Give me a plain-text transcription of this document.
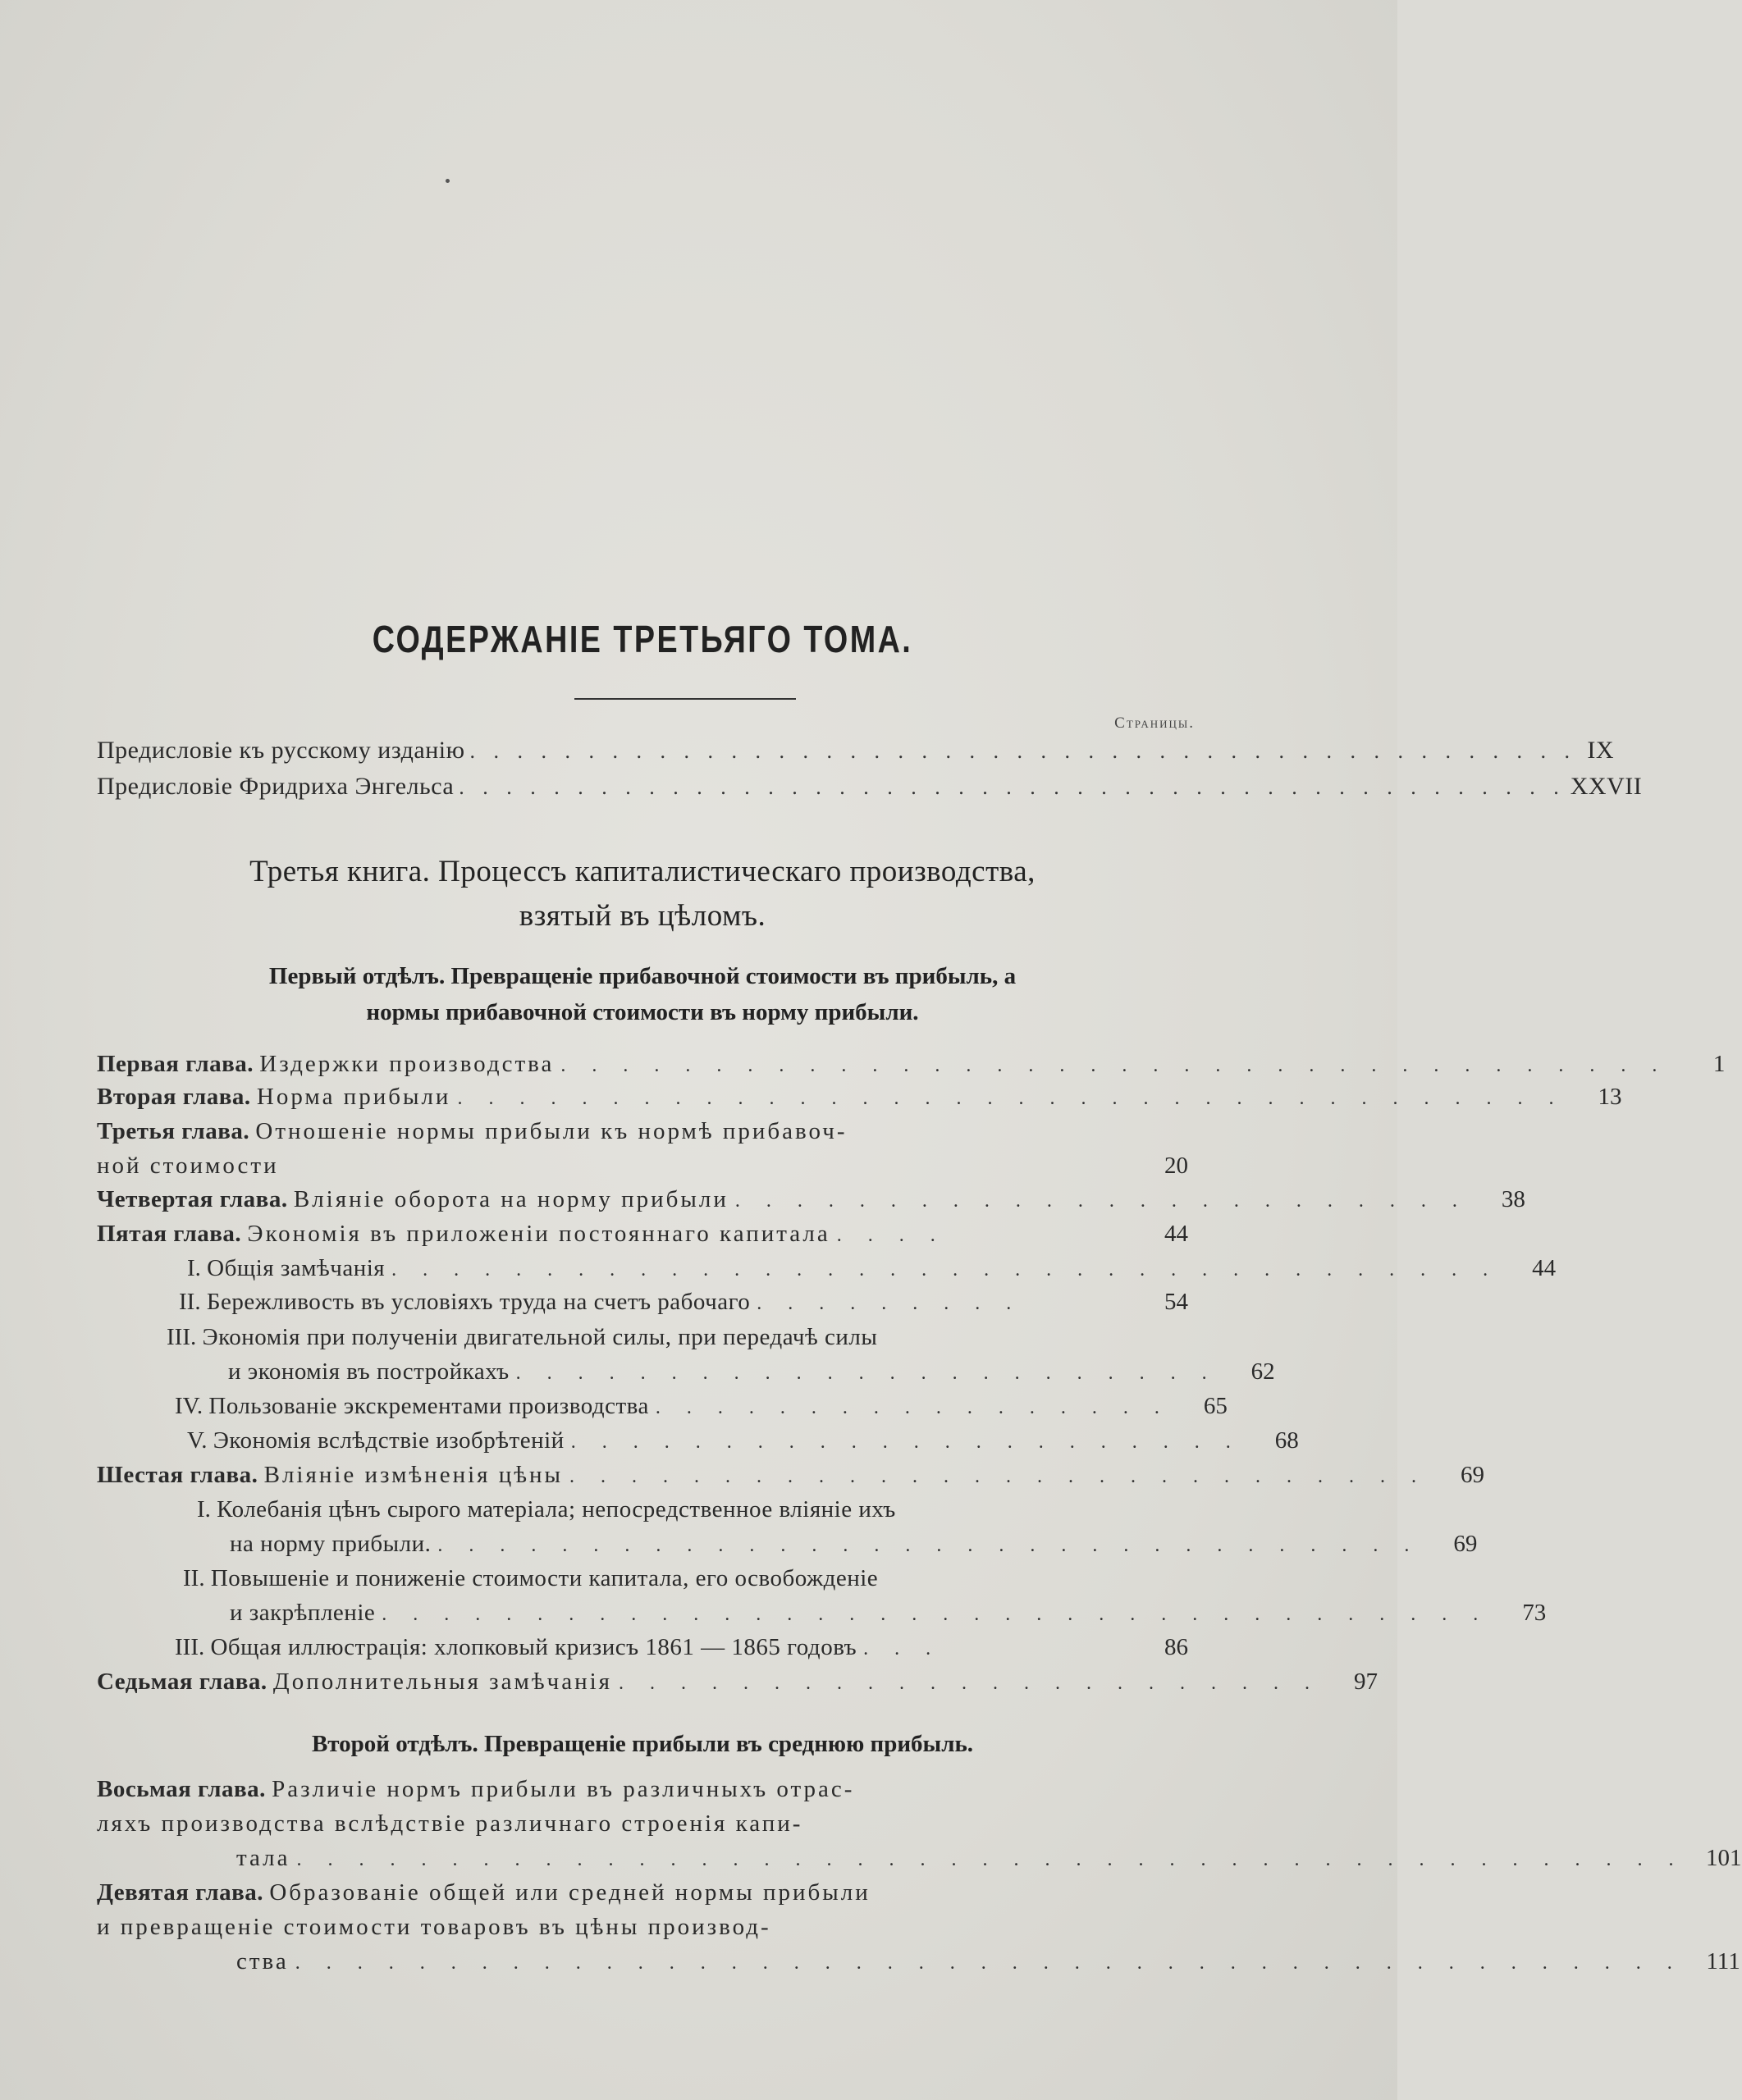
СОДЕРЖАНІЕ ТРЕТЬЯГО ТОМА.
Страницы.
Предисловіе къ русскому изданію . . . . . . . . . . . . . . . . . . . . . . . . . . . . . . . . . . . . . . . . . . . . . . . IX
Предисловіе Фридриха Энгельса . . . . . . . . . . . . . . . . . . . . . . . . . . . . . . . . . . . . . . . . . . . . . . . XXVII
Третья книга. Процессъ капиталистическаго производства,
взятый въ цѣломъ.
Первый отдѣлъ. Превращеніе прибавочной стоимости въ прибыль, а
нормы прибавочной стоимости въ норму прибыли.
Первая глава. Издержки производства . . . . . . . . . . . . . . . . . . . . . . . . . . . . . . . . . . . .	1
Вторая глава. Норма прибыли . . . . . . . . . . . . . . . . . . . . . . . . . . . . . . . . . . . .	13
Третья глава. Отношеніе нормы прибыли къ нормѣ прибавоч-
ной стоимости	20
Четвертая глава. Вліяніе оборота на норму прибыли . . . . . . . . . . . . . . . . . . . . . . . .	38
Пятая глава. Экономія въ приложеніи постояннаго капитала . . . .	44
I. Общія замѣчанія . . . . . . . . . . . . . . . . . . . . . . . . . . . . . . . . . . . .	44
II. Бережливость въ условіяхъ труда на счетъ рабочаго . . . . . . . . .	54
III. Экономія при полученіи двигательной силы, при передачѣ силы
и экономія въ постройкахъ . . . . . . . . . . . . . . . . . . . . . . .	62
IV. Пользованіе экскрементами производства . . . . . . . . . . . . . . . . .	65
V. Экономія вслѣдствіе изобрѣтеній . . . . . . . . . . . . . . . . . . . . . .	68
Шестая глава. Вліяніе измѣненія цѣны . . . . . . . . . . . . . . . . . . . . . . . . . . . .	69
I. Колебанія цѣнъ сырого матеріала; непосредственное вліяніе ихъ
на норму прибыли. . . . . . . . . . . . . . . . . . . . . . . . . . . . . . . . .	69
II. Повышеніе и пониженіе стоимости капитала, его освобожденіе
и закрѣпленіе . . . . . . . . . . . . . . . . . . . . . . . . . . . . . . . . . . . .	73
III. Общая иллюстрація: хлопковый кризисъ 1861 — 1865 годовъ . . .	86
Седьмая глава. Дополнительныя замѣчанія . . . . . . . . . . . . . . . . . . . . . . .	97
Второй отдѣлъ. Превращеніе прибыли въ среднюю прибыль.
Восьмая глава. Различіе нормъ прибыли въ различныхъ отрас-
ляхъ производства вслѣдствіе различнаго строенія капи-
тала . . . . . . . . . . . . . . . . . . . . . . . . . . . . . . . . . . . . . . . . . . . . . 101
Девятая глава. Образованіе общей или средней нормы прибыли
и превращеніе стоимости товаровъ въ цѣны производ-
ства . . . . . . . . . . . . . . . . . . . . . . . . . . . . . . . . . . . . . . . . . . . . . 111
